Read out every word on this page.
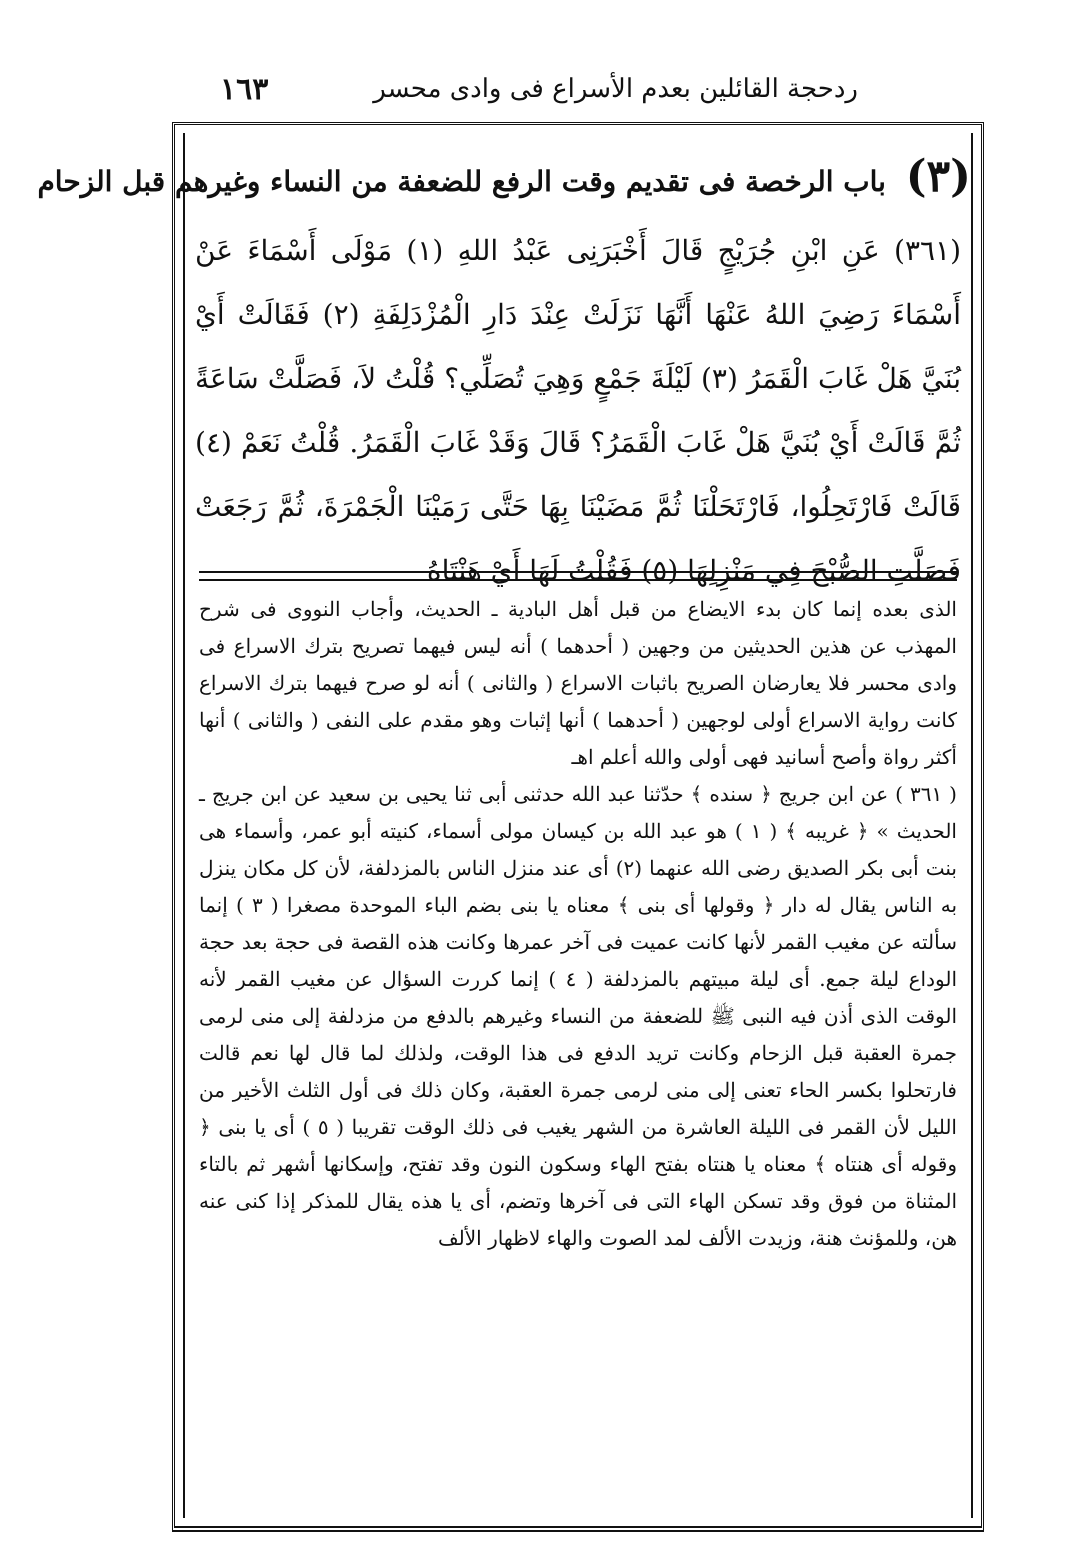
١٦٣	ردحجة القائلين بعدم الأسراع فى وادى محسر
(٣) باب الرخصة فى تقديم وقت الرفع للضعفة من النساء وغيرهم قبل الزحام

(٣٦١) عَنِ ابْنِ جُرَيْجٍ قَالَ أَخْبَرَنِى عَبْدُ اللهِ (١) مَوْلَى أَسْمَاءَ عَنْ أَسْمَاءَ رَضِيَ اللهُ عَنْهَا أَنَّهَا نَزَلَتْ عِنْدَ دَارِ الْمُزْدَلِفَةِ (٢) فَقَالَتْ أَيْ بُنَيَّ هَلْ غَابَ الْقَمَرُ (٣) لَيْلَةَ جَمْعٍ وَهِيَ تُصَلِّي؟ قُلْتُ لاَ، فَصَلَّتْ سَاعَةً ثُمَّ قَالَتْ أَيْ بُنَيَّ هَلْ غَابَ الْقَمَرُ؟ قَالَ وَقَدْ غَابَ الْقَمَرُ. قُلْتُ نَعَمْ (٤) قَالَتْ فَارْتَحِلُوا، فَارْتَحَلْنَا ثُمَّ مَضَيْنَا بِهَا حَتَّى رَمَيْنَا الْجَمْرَةَ، ثُمَّ رَجَعَتْ فَصَلَّتِ الصُّبْحَ فِي مَنْزِلِهَا (٥) فَقُلْتُ لَهَا أَيْ هَنْتَاهُ

الذى بعده إنما كان بدء الايضاع من قبل أهل البادية ـ الحديث، وأجاب النووى فى شرح المهذب عن هذين الحديثين من وجهين ( أحدهما ) أنه ليس فيهما تصريح بترك الاسراع فى وادى محسر فلا يعارضان الصريح باثبات الاسراع ( والثانى ) أنه لو صرح فيهما بترك الاسراع كانت رواية الاسراع أولى لوجهين ( أحدهما ) أنها إثبات وهو مقدم على النفى ( والثانى ) أنها أكثر رواة وأصح أسانيد فهى أولى والله أعلم اهـ

( ٣٦١ ) عن ابن جريج ﴿ سنده ﴾ حدّثنا عبد الله حدثنى أبى ثنا يحيى بن سعيد عن ابن جريج ـ الحديث » ﴿ غريبه ﴾ ( ١ ) هو عبد الله بن كيسان مولى أسماء، كنيته أبو عمر، وأسماء هى بنت أبى بكر الصديق رضى الله عنهما (٢) أى عند منزل الناس بالمزدلفة، لأن كل مكان ينزل به الناس يقال له دار ﴿ وقولها أى بنى ﴾ معناه يا بنى بضم الباء الموحدة مصغرا ( ٣ ) إنما سألته عن مغيب القمر لأنها كانت عميت فى آخر عمرها وكانت هذه القصة فى حجة بعد حجة الوداع ليلة جمع. أى ليلة مبيتهم بالمزدلفة ( ٤ ) إنما كررت السؤال عن مغيب القمر لأنه الوقت الذى أذن فيه النبى ﷺ للضعفة من النساء وغيرهم بالدفع من مزدلفة إلى منى لرمى جمرة العقبة قبل الزحام وكانت تريد الدفع فى هذا الوقت، ولذلك لما قال لها نعم قالت فارتحلوا بكسر الحاء تعنى إلى منى لرمى جمرة العقبة، وكان ذلك فى أول الثلث الأخير من الليل لأن القمر فى الليلة العاشرة من الشهر يغيب فى ذلك الوقت تقريبا ( ٥ ) أى يا بنى ﴿ وقوله أى هنتاه ﴾ معناه يا هنتاه بفتح الهاء وسكون النون وقد تفتح، وإسكانها أشهر ثم بالتاء المثناة من فوق وقد تسكن الهاء التى فى آخرها وتضم، أى يا هذه يقال للمذكر إذا كنى عنه هن، وللمؤنث هنة، وزيدت الألف لمد الصوت والهاء لاظهار الألف
